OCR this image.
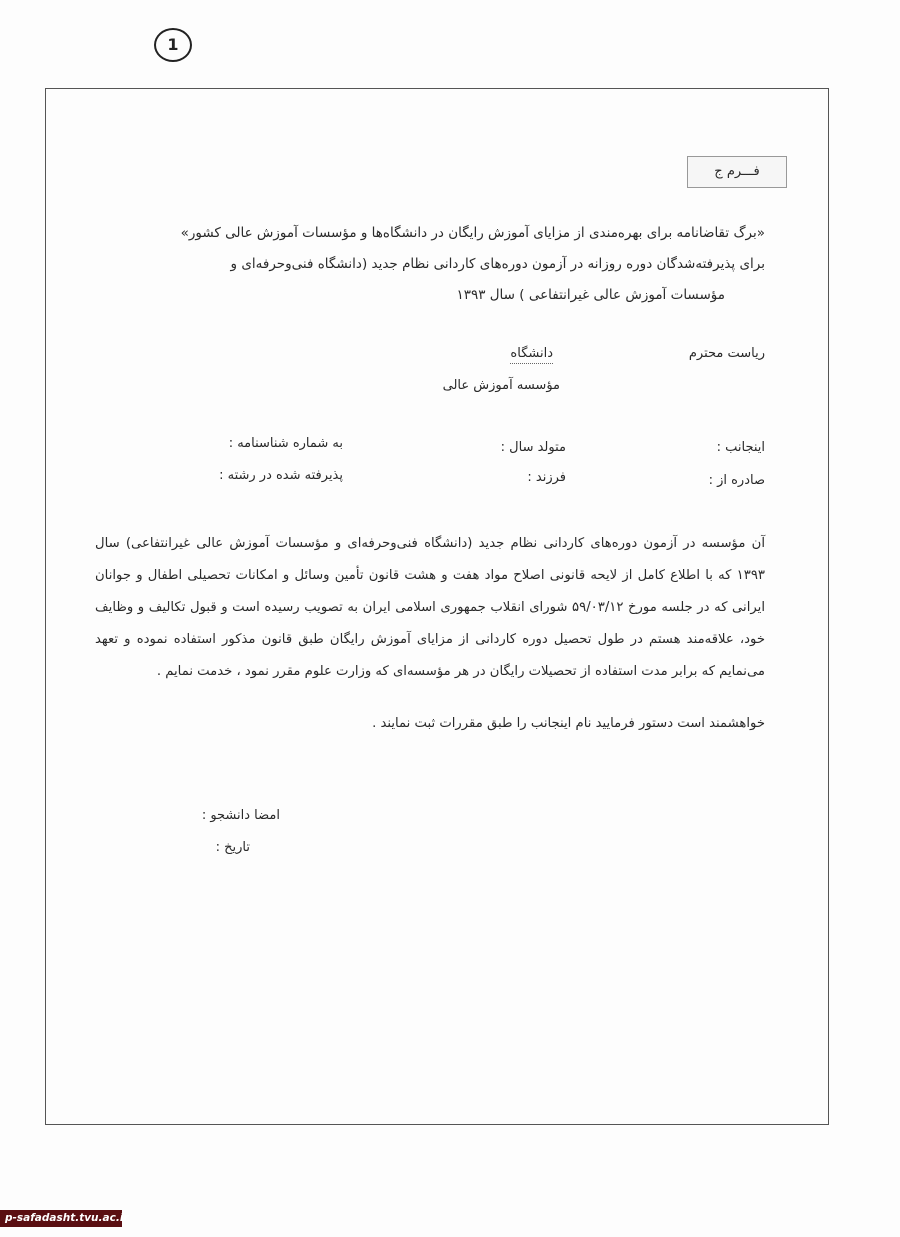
1
فـــرم ج
«برگ تقاضانامه برای بهره‌مندی از مزایای آموزش رایگان در دانشگاه‌ها و مؤسسات آموزش عالی کشور»
برای پذیرفته‌شدگان دوره روزانه در آزمون دوره‌های کاردانی نظام جدید (دانشگاه فنی‌وحرفه‌ای و
مؤسسات آموزش عالی غیرانتفاعی ) سال ۱۳۹۳
ریاست محترم
دانشگاه
مؤسسه آموزش عالی
اینجانب :
متولد سال :
به شماره شناسنامه :
صادره از :
فرزند :
پذیرفته شده در رشته :
آن مؤسسه در آزمون دوره‌های کاردانی نظام جدید (دانشگاه فنی‌وحرفه‌ای و مؤسسات آموزش عالی غیرانتفاعی) سال ۱۳۹۳ که با اطلاع کامل از لایحه قانونی اصلاح مواد هفت و هشت قانون تأمین وسائل و امکانات تحصیلی اطفال و جوانان ایرانی که در جلسه مورخ ۵۹/۰۳/۱۲ شورای انقلاب جمهوری اسلامی ایران به تصویب رسیده است و قبول تکالیف و وظایف خود، علاقه‌مند هستم در طول تحصیل دوره کاردانی از مزایای آموزش رایگان طبق قانون مذکور استفاده نموده و تعهد می‌نمایم که برابر مدت استفاده از تحصیلات رایگان در هر مؤسسه‌ای که وزارت علوم مقرر نمود ، خدمت نمایم .
خواهشمند است دستور فرمایید نام اینجانب را طبق مقررات ثبت نمایند .
امضا دانشجو :
تاریخ :
p-safadasht.tvu.ac.ir
